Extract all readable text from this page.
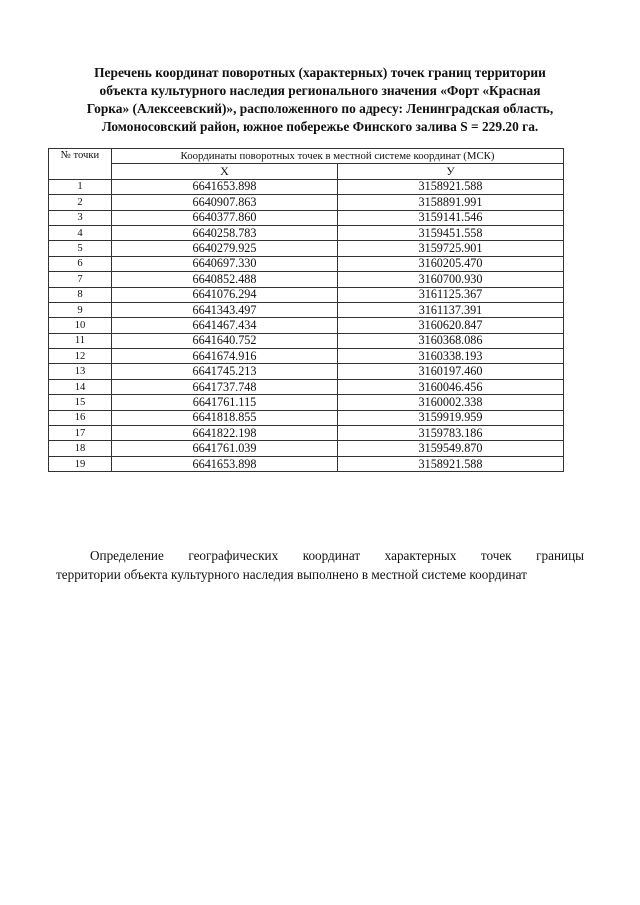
Перечень координат поворотных (характерных) точек границ территории
объекта культурного наследия регионального значения «Форт «Красная
Горка» (Алексеевский)», расположенного по адресу: Ленинградская область,
Ломоносовский район, южное побережье Финского залива S = 229.20 га.
№ точки	Координаты поворотных точек в местной системе координат (МСК)	
	X	У
1	6641653.898	3158921.588
2	6640907.863	3158891.991
3	6640377.860	3159141.546
4	6640258.783	3159451.558
5	6640279.925	3159725.901
6	6640697.330	3160205.470
7	6640852.488	3160700.930
8	6641076.294	3161125.367
9	6641343.497	3161137.391
10	6641467.434	3160620.847
11	6641640.752	3160368.086
12	6641674.916	3160338.193
13	6641745.213	3160197.460
14	6641737.748	3160046.456
15	6641761.115	3160002.338
16	6641818.855	3159919.959
17	6641822.198	3159783.186
18	6641761.039	3159549.870
19	6641653.898	3158921.588
Определение географических координат характерных точек границы
территории объекта культурного наследия выполнено в местной системе координат
